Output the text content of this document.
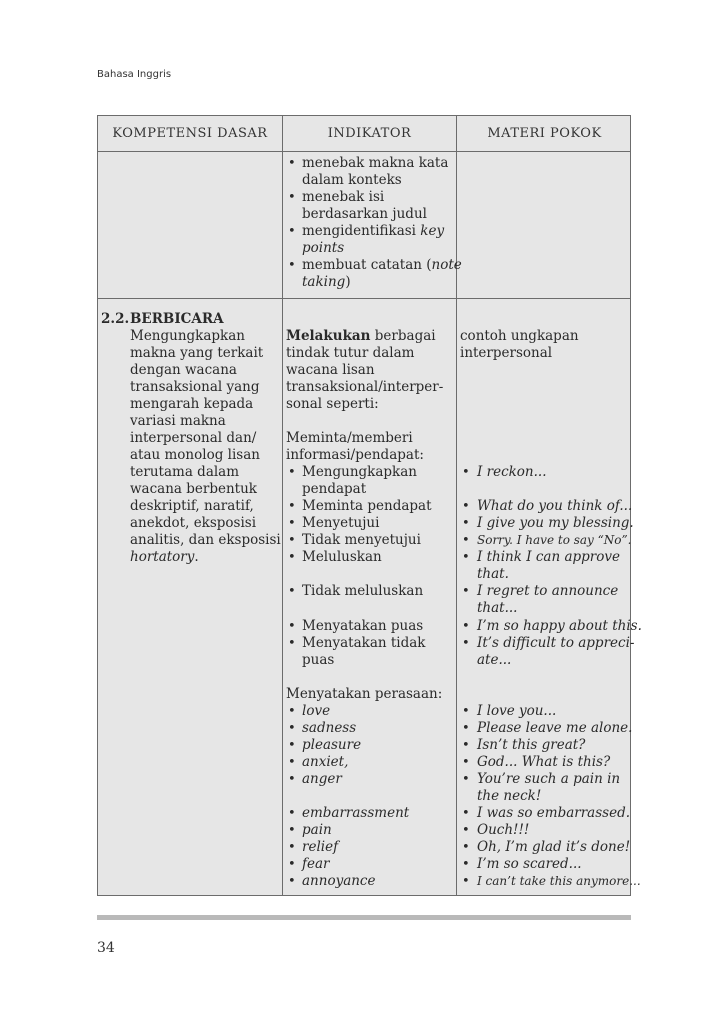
Bahasa Inggris
KOMPETENSI DASAR	INDIKATOR	MATERI POKOK
• menebak makna kata
dalam konteks
• menebak isi
berdasarkan judul
• mengidentifikasi key
points
• membuat catatan (note
taking)
2.2. BERBICARA
Mengungkapkan
makna yang terkait
dengan wacana
transaksional yang
mengarah kepada
variasi makna
interpersonal dan/
atau monolog lisan
terutama dalam
wacana berbentuk
deskriptif, naratif,
anekdot, eksposisi
analitis, dan eksposisi
hortatory.
Melakukan berbagai
tindak tutur dalam
wacana lisan
transaksional/interper-
sonal seperti:
Meminta/memberi
informasi/pendapat:
• Mengungkapkan
pendapat
• Meminta pendapat
• Menyetujui
• Tidak menyetujui
• Meluluskan
• Tidak meluluskan
• Menyatakan puas
• Menyatakan tidak
puas
Menyatakan perasaan:
• love
• sadness
• pleasure
• anxiet,
• anger
• embarrassment
• pain
• relief
• fear
• annoyance
contoh ungkapan
interpersonal
• I reckon...
• What do you think of...
• I give you my blessing.
• Sorry. I have to say “No”.
• I think I can approve
that.
• I regret to announce
that...
• I’m so happy about this.
• It’s difficult to appreci-
ate...
• I love you...
• Please leave me alone.
• Isn’t this great?
• God... What is this?
• You’re such a pain in
the neck!
• I was so embarrassed.
• Ouch!!!
• Oh, I’m glad it’s done!
• I’m so scared...
• I can’t take this anymore...
34
